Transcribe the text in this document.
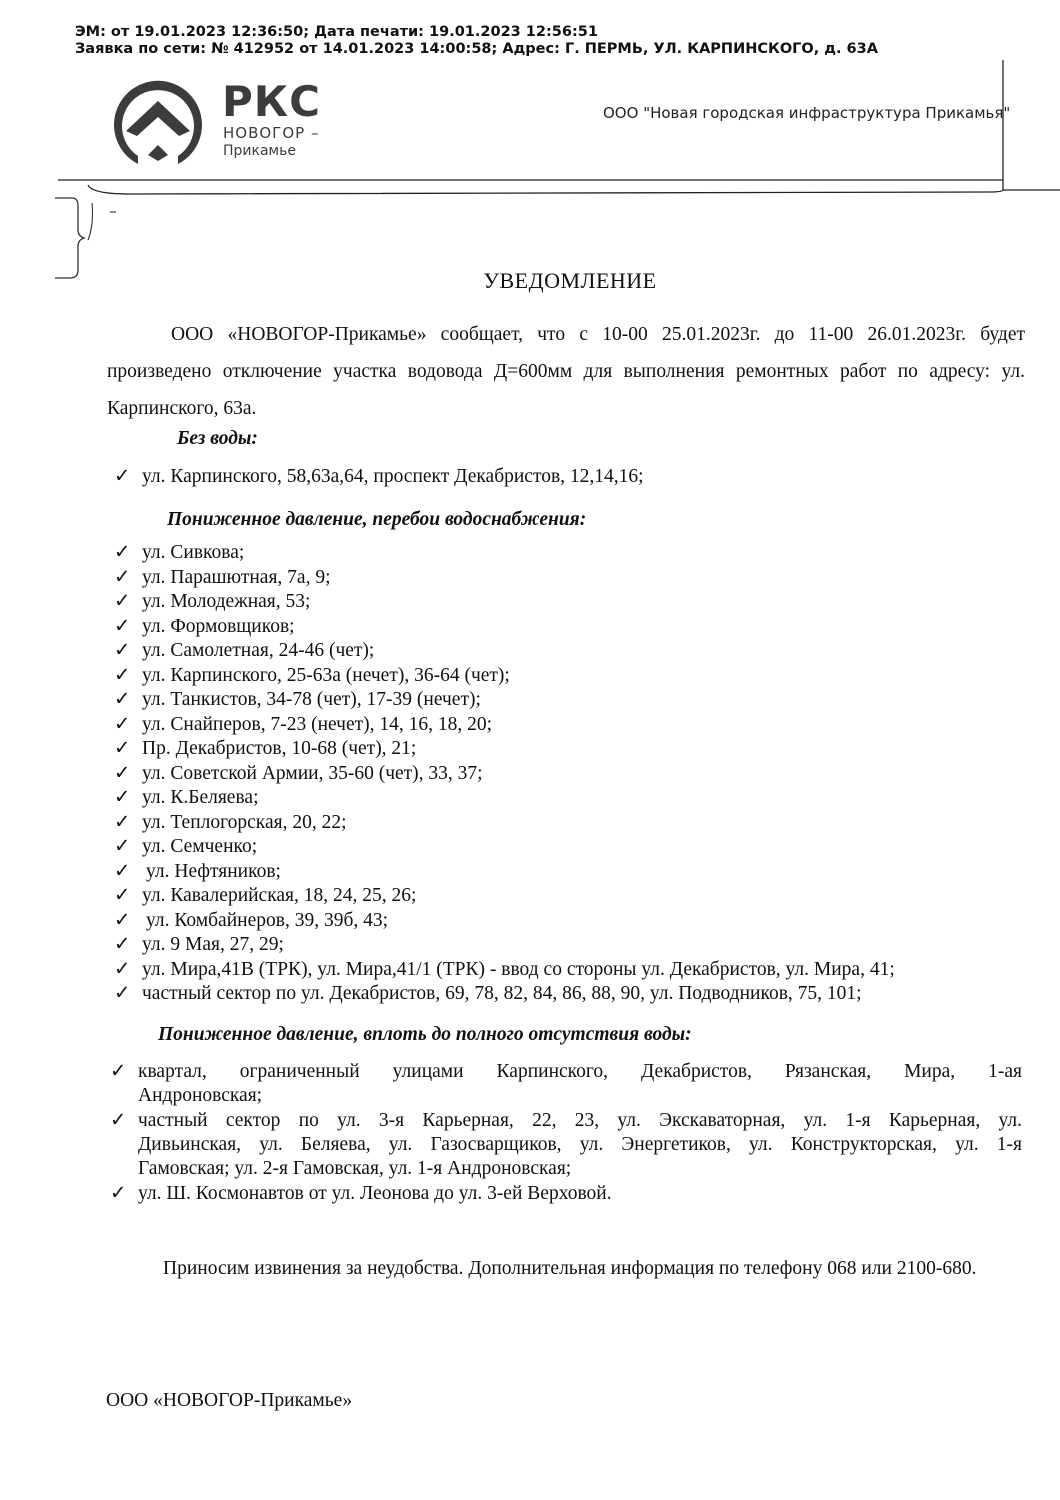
ЭМ: от 19.01.2023 12:36:50; Дата печати: 19.01.2023 12:56:51
Заявка по сети: № 412952 от 14.01.2023 14:00:58; Адрес: Г. ПЕРМЬ, УЛ. КАРПИНСКОГО, д. 63А
РКС
НОВОГОР –
Прикамье
ООО "Новая городская инфраструктура Прикамья"
УВЕДОМЛЕНИЕ

ООО «НОВОГОР-Прикамье» сообщает, что с 10-00 25.01.2023г. до 11-00 26.01.2023г. будет произведено отключение участка водовода Д=600мм для выполнения ремонтных работ по адресу: ул. Карпинского, 63а.

Без воды:
✓ ул. Карпинского, 58,63а,64, проспект Декабристов, 12,14,16;
Пониженное давление, перебои водоснабжения:
✓ ул. Сивкова;
✓ ул. Парашютная, 7а, 9;
✓ ул. Молодежная, 53;
✓ ул. Формовщиков;
✓ ул. Самолетная, 24-46 (чет);
✓ ул. Карпинского, 25-63а (нечет), 36-64 (чет);
✓ ул. Танкистов, 34-78 (чет), 17-39 (нечет);
✓ ул. Снайперов, 7-23 (нечет), 14, 16, 18, 20;
✓ Пр. Декабристов, 10-68 (чет), 21;
✓ ул. Советской Армии, 35-60 (чет), 33, 37;
✓ ул. К.Беляева;
✓ ул. Теплогорская, 20, 22;
✓ ул. Семченко;
✓ ул. Нефтяников;
✓ ул. Кавалерийская, 18, 24, 25, 26;
✓ ул. Комбайнеров, 39, 39б, 43;
✓ ул. 9 Мая, 27, 29;
✓ ул. Мира,41В (ТРК), ул. Мира,41/1 (ТРК) - ввод со стороны ул. Декабристов, ул. Мира, 41;
✓ частный сектор по ул. Декабристов, 69, 78, 82, 84, 86, 88, 90, ул. Подводников, 75, 101;
Пониженное давление, вплоть до полного отсутствия воды:
✓ квартал, ограниченный улицами Карпинского, Декабристов, Рязанская, Мира, 1-ая
Андроновская;
✓ частный сектор по ул. 3-я Карьерная, 22, 23, ул. Экскаваторная, ул. 1-я Карьерная, ул.
Дивьинская, ул. Беляева, ул. Газосварщиков, ул. Энергетиков, ул. Конструкторская, ул. 1-я
Гамовская; ул. 2-я Гамовская, ул. 1-я Андроновская;
✓ ул. Ш. Космонавтов от ул. Леонова до ул. 3-ей Верховой.

Приносим извинения за неудобства. Дополнительная информация по телефону 068 или 2100-680.

ООО «НОВОГОР-Прикамье»
